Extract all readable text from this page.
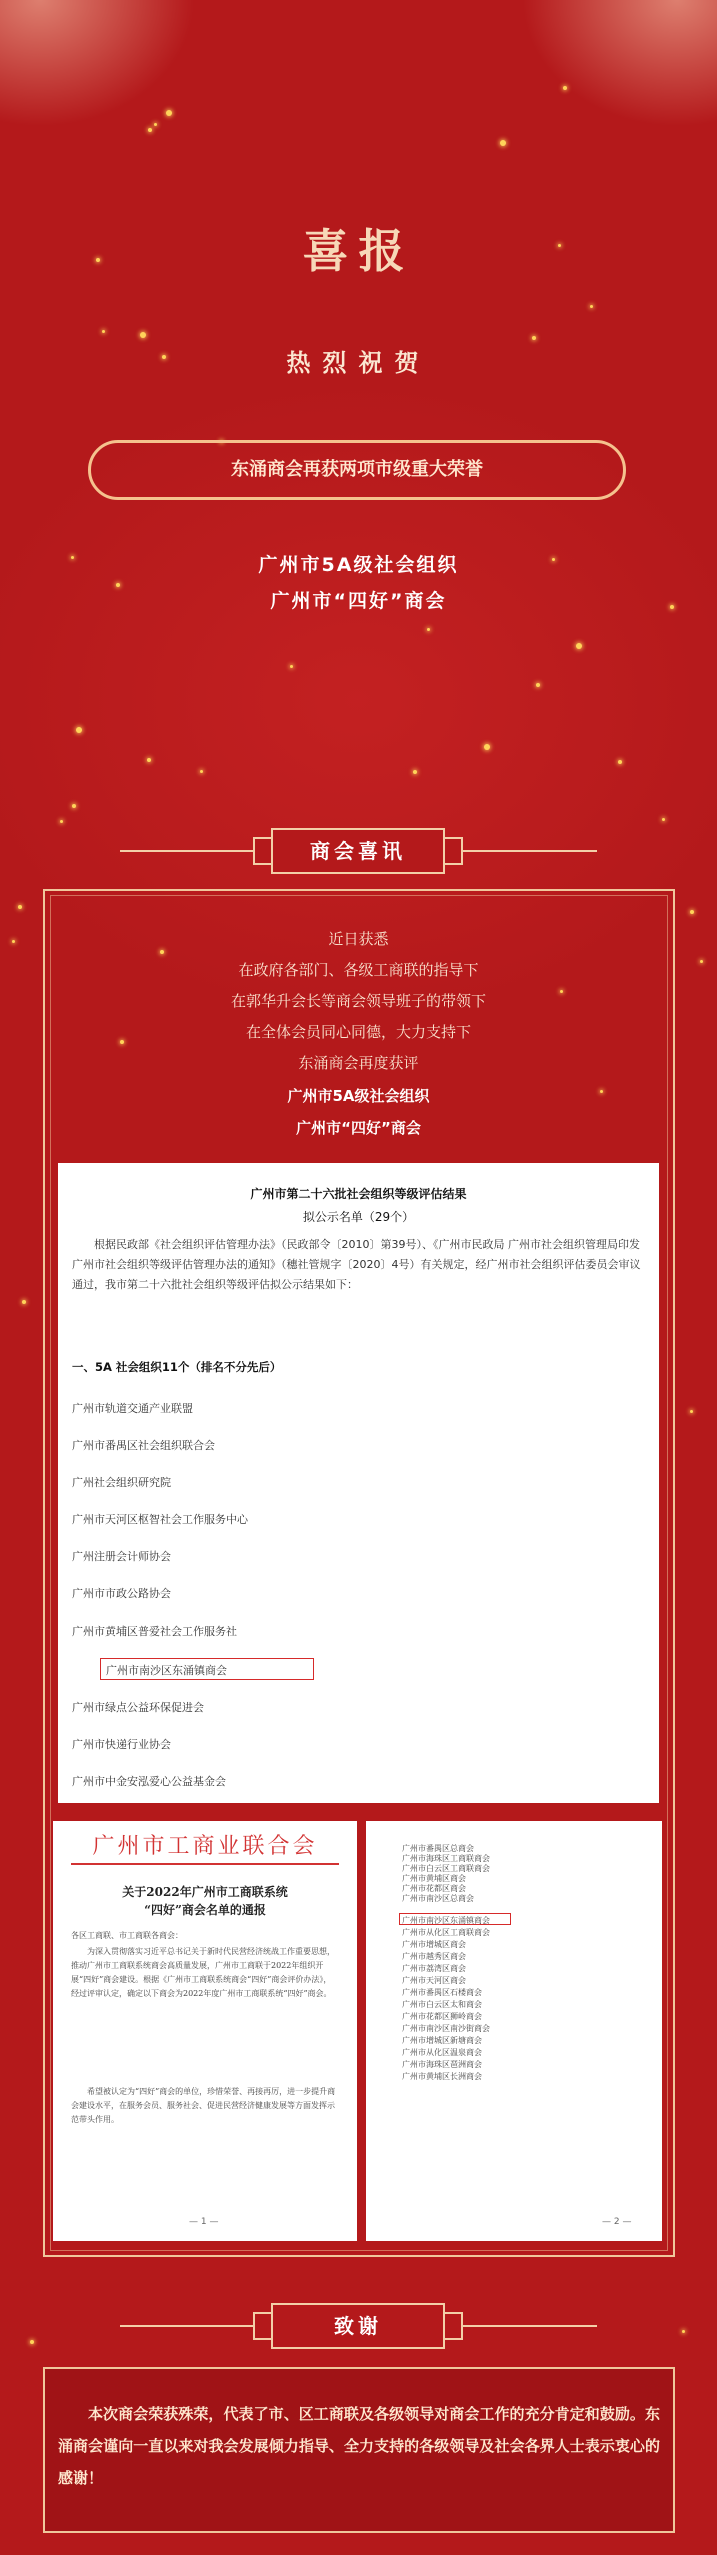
喜报
热烈祝贺
东涌商会再获两项市级重大荣誉
广州市5A级社会组织
广州市“四好”商会
商会喜讯
近日获悉
在政府各部门、各级工商联的指导下
在郭华升会长等商会领导班子的带领下
在全体会员同心同德，大力支持下
东涌商会再度获评
广州市5A级社会组织
广州市“四好”商会
广州市第二十六批社会组织等级评估结果
拟公示名单（29个）
根据民政部《社会组织评估管理办法》（民政部令〔2010〕第39号）、《广州市民政局 广州市社会组织管理局印发广州市社会组织等级评估管理办法的通知》（穗社管规字〔2020〕4号）有关规定，经广州市社会组织评估委员会审议通过，我市第二十六批社会组织等级评估拟公示结果如下：
一、5A 社会组织11个（排名不分先后）
广州市轨道交通产业联盟
广州市番禺区社会组织联合会
广州社会组织研究院
广州市天河区枢智社会工作服务中心
广州注册会计师协会
广州市市政公路协会
广州市黄埔区普爱社会工作服务社
广州市南沙区东涌镇商会
广州市绿点公益环保促进会
广州市快递行业协会
广州市中金安泓爱心公益基金会
广州市工商业联合会
关于2022年广州市工商联系统
“四好”商会名单的通报
各区工商联、市工商联各商会：
为深入贯彻落实习近平总书记关于新时代民营经济统战工作重要思想，推动广州市工商联系统商会高质量发展，广州市工商联于2022年组织开展“四好”商会建设。根据《广州市工商联系统商会“四好”商会评价办法》，经过评审认定，确定以下商会为2022年度广州市工商联系统“四好”商会。
希望被认定为“四好”商会的单位，珍惜荣誉、再接再厉，进一步提升商会建设水平，在服务会员、服务社会、促进民营经济健康发展等方面发挥示范带头作用。
— 1 —
广州市番禺区总商会
广州市海珠区工商联商会
广州市白云区工商联商会
广州市黄埔区商会
广州市花都区商会
广州市南沙区总商会
广州市南沙区东涌镇商会
广州市从化区工商联商会
广州市增城区商会
广州市越秀区商会
广州市荔湾区商会
广州市天河区商会
广州市番禺区石楼商会
广州市白云区太和商会
广州市花都区狮岭商会
广州市南沙区南沙街商会
广州市增城区新塘商会
广州市从化区温泉商会
广州市海珠区琶洲商会
广州市黄埔区长洲商会
— 2 —
致谢
本次商会荣获殊荣，代表了市、区工商联及各级领导对商会工作的充分肯定和鼓励。东涌商会谨向一直以来对我会发展倾力指导、全力支持的各级领导及社会各界人士表示衷心的感谢！
